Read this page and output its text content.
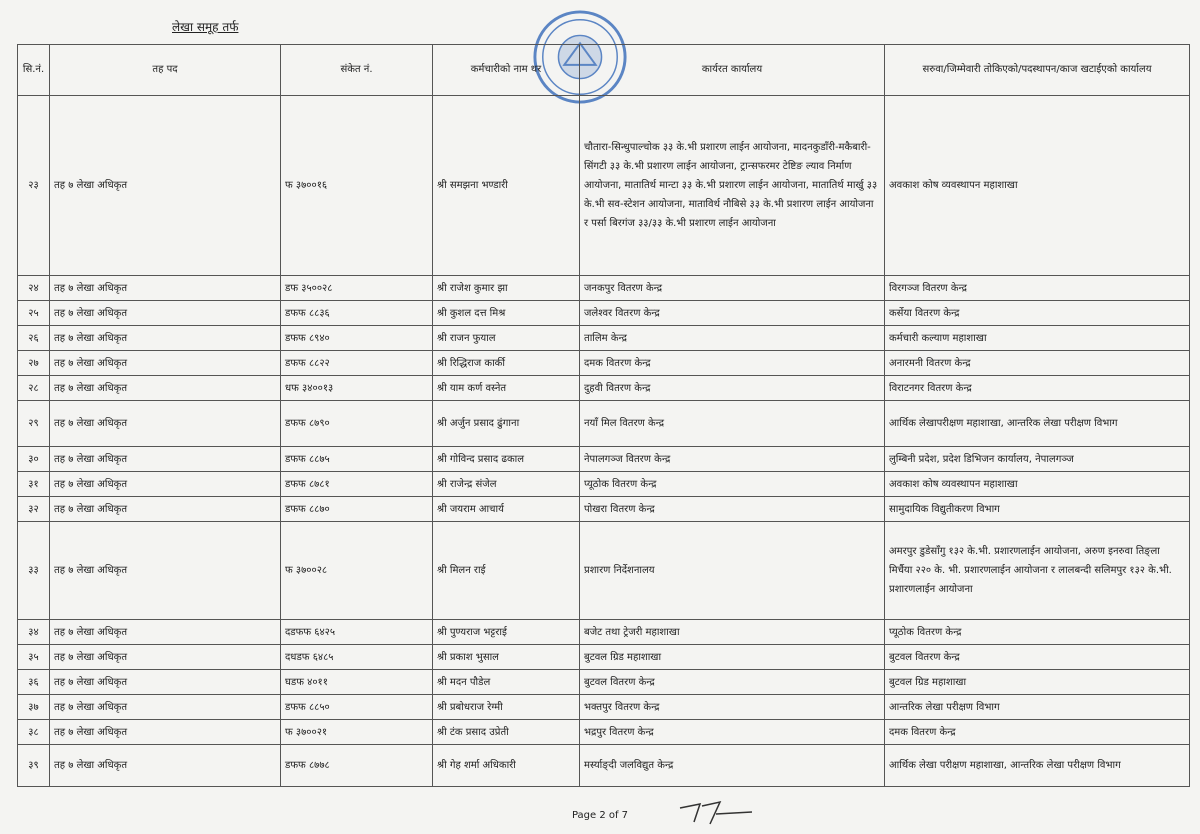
लेखा समूह तर्फ
सि.नं.	तह पद	संकेत नं.	कर्मचारीको नाम थर	कार्यरत कार्यालय	सरुवा/जिम्मेवारी तोकिएको/पदस्थापन/काज खटाईएको कार्यालय
२३	तह ७ लेखा अधिकृत	फ ३७००१६	श्री समझना भण्डारी	चौतारा-सिन्धुपाल्चोक ३३ के.भी प्रशारण लाईन आयोजना, मादनकुडाँरी-मकैबारी-सिंगटी ३३ के.भी प्रशारण लाईन आयोजना, ट्रान्सफरमर टेष्टिङ ल्याव निर्माण आयोजना, मातातिर्थ मान्टा ३३ के.भी प्रशारण लाईन आयोजना, मातातिर्थ मार्खु ३३ के.भी सव-स्टेशन आयोजना, माताविर्थ नौबिसे ३३ के.भी प्रशारण लाईन आयोजना र पर्सा बिरगंज ३३/३३ के.भी प्रशारण लाईन आयोजना	अवकाश कोष व्यवस्थापन महाशाखा
२४	तह ७ लेखा अधिकृत	डफ ३५००२८	श्री राजेश कुमार झा	जनकपुर वितरण केन्द्र	विरगञ्ज वितरण केन्द्र
२५	तह ७ लेखा अधिकृत	डफफ ८८३६	श्री कुशल दत्त मिश्र	जलेश्वर वितरण केन्द्र	कर्सेया वितरण केन्द्र
२६	तह ७ लेखा अधिकृत	डफफ ८९४०	श्री राजन फुयाल	तालिम केन्द्र	कर्मचारी कल्याण महाशाखा
२७	तह ७ लेखा अधिकृत	डफफ ८८२२	श्री रिद्धिराज कार्की	दमक वितरण केन्द्र	अनारमनी वितरण केन्द्र
२८	तह ७ लेखा अधिकृत	धफ ३४००१३	श्री याम कर्ण वस्नेत	दुहवी वितरण केन्द्र	विराटनगर वितरण केन्द्र
२९	तह ७ लेखा अधिकृत	डफफ ८७९०	श्री अर्जुन प्रसाद ढुंगाना	नयाँ मिल वितरण केन्द्र	आर्थिक लेखापरीक्षण महाशाखा, आन्तरिक लेखा परीक्षण विभाग
३०	तह ७ लेखा अधिकृत	डफफ ८८७५	श्री गोविन्द प्रसाद ढकाल	नेपालगञ्ज वितरण केन्द्र	लुम्बिनी प्रदेश, प्रदेश डिभिजन कार्यालय, नेपालगञ्ज
३१	तह ७ लेखा अधिकृत	डफफ ८७८१	श्री राजेन्द्र संजेल	प्यूठोक वितरण केन्द्र	अवकाश कोष व्यवस्थापन महाशाखा
३२	तह ७ लेखा अधिकृत	डफफ ८८७०	श्री जयराम आचार्य	पोखरा वितरण केन्द्र	सामुदायिक विद्युतीकरण विभाग
३३	तह ७ लेखा अधिकृत	फ ३७००२८	श्री मिलन राई	प्रशारण निर्देशनालय	अमरपुर डुडेसाँगु १३२ के.भी. प्रशारणलाईन आयोजना, अरुण इनरुवा तिङ्ला मिर्चैया २२० के. भी. प्रशारणलाईन आयोजना र लालबन्दी सलिमपुर १३२ के.भी. प्रशारणलाईन आयोजना
३४	तह ७ लेखा अधिकृत	दडफफ ६४२५	श्री पुण्यराज भट्टराई	बजेट तथा ट्रेजरी महाशाखा	प्यूठोक वितरण केन्द्र
३५	तह ७ लेखा अधिकृत	दधडफ ६४८५	श्री प्रकाश भुसाल	बुटवल ग्रिड महाशाखा	बुटवल वितरण केन्द्र
३६	तह ७ लेखा अधिकृत	घडफ ४०११	श्री मदन पौडेल	बुटवल वितरण केन्द्र	बुटवल ग्रिड महाशाखा
३७	तह ७ लेखा अधिकृत	डफफ ८८५०	श्री प्रबोधराज रेग्मी	भक्तपुर वितरण केन्द्र	आन्तरिक लेखा परीक्षण विभाग
३८	तह ७ लेखा अधिकृत	फ ३७००२१	श्री टंक प्रसाद उप्रेती	भद्रपुर वितरण केन्द्र	दमक वितरण केन्द्र
३९	तह ७ लेखा अधिकृत	डफफ ८७७८	श्री गेह शर्मा अधिकारी	मर्स्याङ्दी जलविद्युत केन्द्र	आर्थिक लेखा परीक्षण महाशाखा, आन्तरिक लेखा परीक्षण विभाग
Page 2 of 7
